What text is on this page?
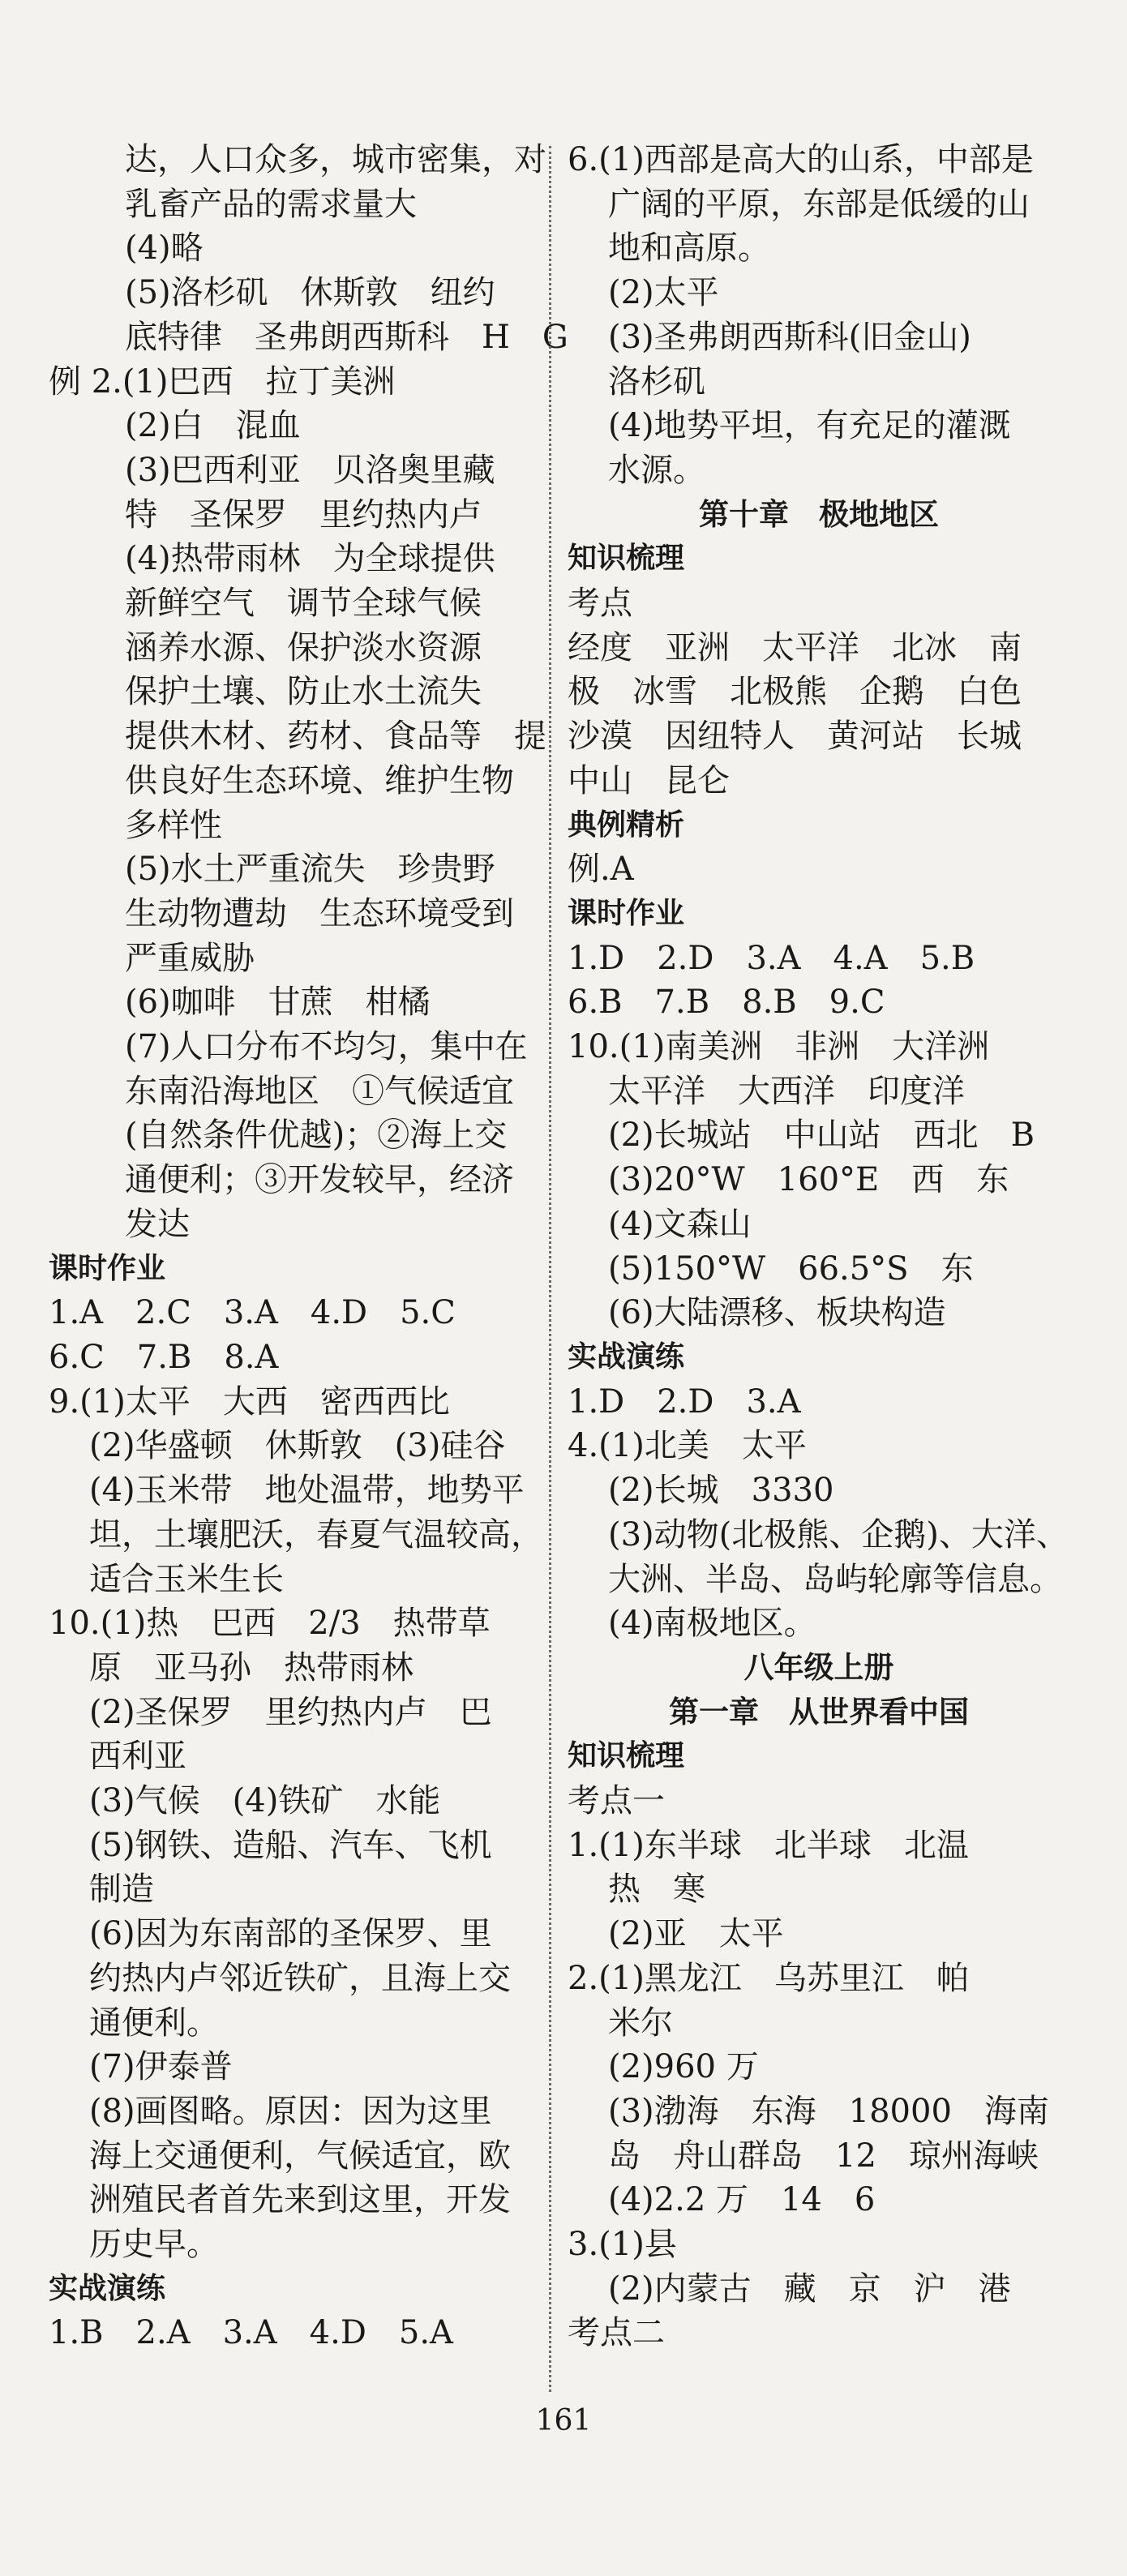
达，人口众多，城市密集，对
乳畜产品的需求量大
(4)略
(5)洛杉矶　休斯敦　纽约
底特律　圣弗朗西斯科　H　G
例 2.(1)巴西　拉丁美洲
(2)白　混血
(3)巴西利亚　贝洛奥里藏
特　圣保罗　里约热内卢
(4)热带雨林　为全球提供
新鲜空气　调节全球气候
涵养水源、保护淡水资源
保护土壤、防止水土流失
提供木材、药材、食品等　提
供良好生态环境、维护生物
多样性
(5)水土严重流失　珍贵野
生动物遭劫　生态环境受到
严重威胁
(6)咖啡　甘蔗　柑橘
(7)人口分布不均匀，集中在
东南沿海地区　①气候适宜
(自然条件优越)；②海上交
通便利；③开发较早，经济
发达
课时作业
1.A　2.C　3.A　4.D　5.C
6.C　7.B　8.A
9.(1)太平　大西　密西西比
(2)华盛顿　休斯敦　(3)硅谷
(4)玉米带　地处温带，地势平
坦，土壤肥沃，春夏气温较高，
适合玉米生长
10.(1)热　巴西　2/3　热带草
原　亚马孙　热带雨林
(2)圣保罗　里约热内卢　巴
西利亚
(3)气候　(4)铁矿　水能
(5)钢铁、造船、汽车、飞机
制造
(6)因为东南部的圣保罗、里
约热内卢邻近铁矿，且海上交
通便利。
(7)伊泰普
(8)画图略。原因：因为这里
海上交通便利，气候适宜，欧
洲殖民者首先来到这里，开发
历史早。
实战演练
1.B　2.A　3.A　4.D　5.A
6.(1)西部是高大的山系，中部是
广阔的平原，东部是低缓的山
地和高原。
(2)太平
(3)圣弗朗西斯科(旧金山)
洛杉矶
(4)地势平坦，有充足的灌溉
水源。
第十章　极地地区
知识梳理
考点
经度　亚洲　太平洋　北冰　南
极　冰雪　北极熊　企鹅　白色
沙漠　因纽特人　黄河站　长城
中山　昆仑
典例精析
例.A
课时作业
1.D　2.D　3.A　4.A　5.B
6.B　7.B　8.B　9.C
10.(1)南美洲　非洲　大洋洲
太平洋　大西洋　印度洋
(2)长城站　中山站　西北　B
(3)20°W　160°E　西　东
(4)文森山
(5)150°W　66.5°S　东
(6)大陆漂移、板块构造
实战演练
1.D　2.D　3.A
4.(1)北美　太平
(2)长城　3330
(3)动物(北极熊、企鹅)、大洋、
大洲、半岛、岛屿轮廓等信息。
(4)南极地区。
八年级上册
第一章　从世界看中国
知识梳理
考点一
1.(1)东半球　北半球　北温
热　寒
(2)亚　太平
2.(1)黑龙江　乌苏里江　帕
米尔
(2)960 万
(3)渤海　东海　18000　海南
岛　舟山群岛　12　琼州海峡
(4)2.2 万　14　6
3.(1)县
(2)内蒙古　藏　京　沪　港
考点二
161
